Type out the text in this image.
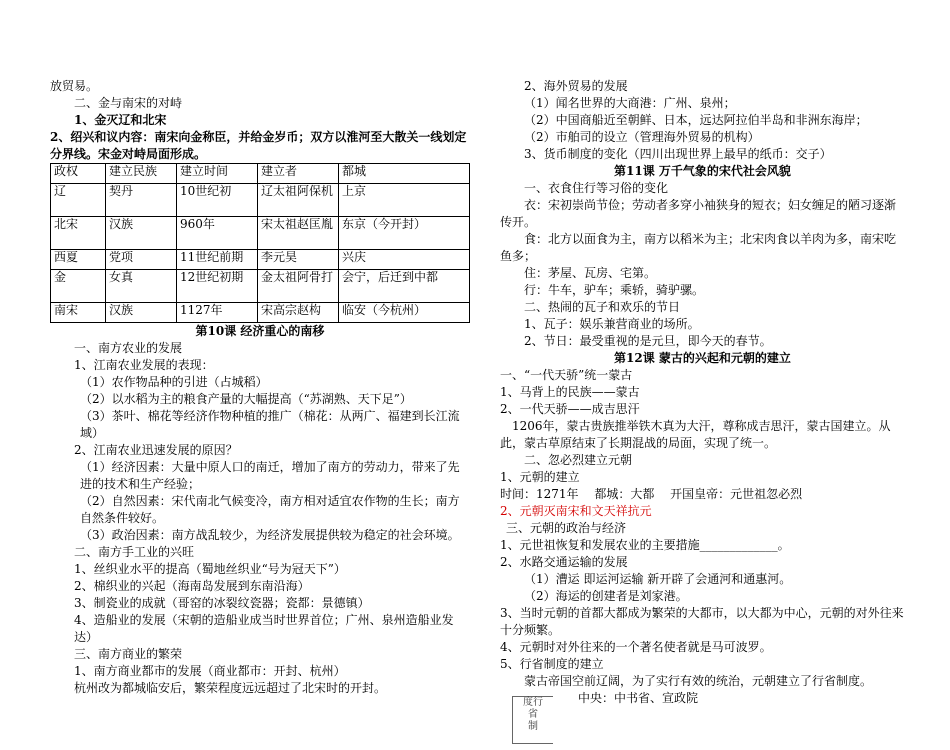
放贸易。
二、金与南宋的对峙
1、金灭辽和北宋
2、绍兴和议内容：南宋向金称臣，并给金岁币；双方以淮河至大散关一线划定分界线。宋金对峙局面形成。
政权	建立民族	建立时间	建立者	都城
辽	契丹	10世纪初	辽太祖阿保机	上京
北宋	汉族	960年	宋太祖赵匡胤	东京（今开封）
西夏	党项	11世纪前期	李元昊	兴庆
金	女真	12世纪初期	金太祖阿骨打	会宁，后迁到中都
南宋	汉族	1127年	宋高宗赵构	临安（今杭州）
第10课 经济重心的南移
一、南方农业的发展
1、江南农业发展的表现：
（1）农作物品种的引进（占城稻）
（2）以水稻为主的粮食产量的大幅提高（“苏湖熟、天下足”）
（3）茶叶、棉花等经济作物种植的推广（棉花：从两广、福建到长江流域）
2、江南农业迅速发展的原因？
（1）经济因素：大量中原人口的南迁，增加了南方的劳动力，带来了先进的技术和生产经验；
（2）自然因素：宋代南北气候变冷，南方相对适宜农作物的生长；南方自然条件较好。
（3）政治因素：南方战乱较少，为经济发展提供较为稳定的社会环境。
二、南方手工业的兴旺
1、丝织业水平的提高（蜀地丝织业“号为冠天下”）
2、棉织业的兴起（海南岛发展到东南沿海）
3、制瓷业的成就（哥窑的冰裂纹瓷器；瓷都：景德镇）
4、造船业的发展（宋朝的造船业成当时世界首位；广州、泉州造船业发达）
三、南方商业的繁荣
1、南方商业都市的发展（商业都市：开封、杭州）
杭州改为都城临安后，繁荣程度远远超过了北宋时的开封。
2、海外贸易的发展
（1）闻名世界的大商港：广州、泉州；
（2）中国商船近至朝鲜、日本，远达阿拉伯半岛和非洲东海岸；
（2）市舶司的设立（管理海外贸易的机构）
3、货币制度的变化（四川出现世界上最早的纸币：交子）
第11课 万千气象的宋代社会风貌
一、衣食住行等习俗的变化
衣：宋初崇尚节俭；劳动者多穿小袖狭身的短衣；妇女缠足的陋习逐渐传开。
食：北方以面食为主，南方以稻米为主；北宋肉食以羊肉为多，南宋吃鱼多；
住：茅屋、瓦房、宅第。
行：牛车，驴车；乘轿，骑驴骡。
二、热闹的瓦子和欢乐的节日
1、瓦子：娱乐兼营商业的场所。
2、节日：最受重视的是元旦，即今天的春节。
第12课 蒙古的兴起和元朝的建立
一、“一代天骄”统一蒙古
1、马背上的民族——蒙古
2、一代天骄——成吉思汗
1206年，蒙古贵族推举铁木真为大汗，尊称成吉思汗，蒙古国建立。从此，蒙古草原结束了长期混战的局面，实现了统一。
二、忽必烈建立元朝
1、元朝的建立
时间：1271年　 都城：大都　 开国皇帝：元世祖忽必烈
2、元朝灭南宋和文天祥抗元
三、元朝的政治与经济
1、元世祖恢复和发展农业的主要措施_____________。
2、水路交通运输的发展
（1）漕运 即运河运输 新开辟了会通河和通惠河。
（2）海运的创建者是刘家港。
3、当时元朝的首都大都成为繁荣的大都市，以大都为中心，元朝的对外往来十分频繁。
4、元朝时对外往来的一个著名使者就是马可波罗。
5、行省制度的建立
蒙古帝国空前辽阔，为了实行有效的统治，元朝建立了行省制度。
中央：中书省、宣政院
度行
省
制
